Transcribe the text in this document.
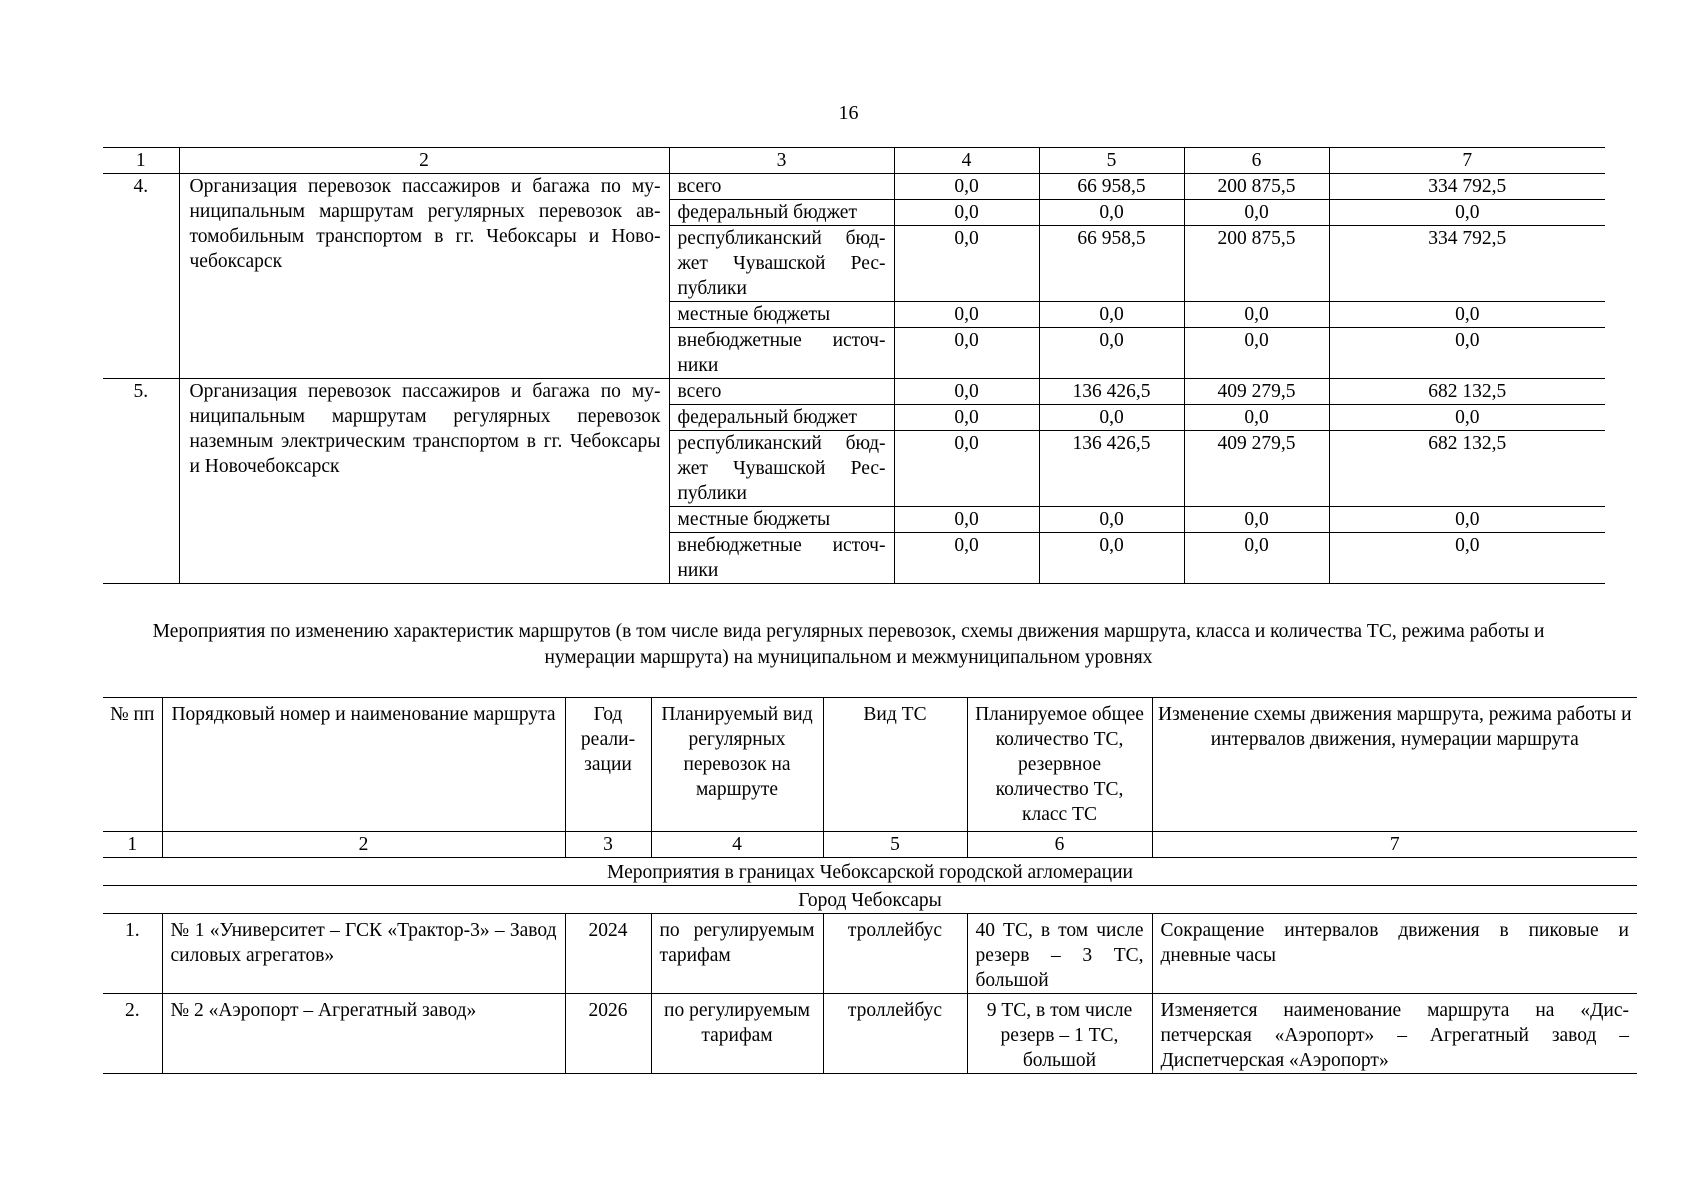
16
1	2	3	4	5	6	7
4.	Организация перевозок пассажиров и багажа по муниципальным маршрутам регулярных перевозок автомобильным транспортом в гг. Чебоксары и Новочебоксарск	всего	0,0	66 958,5	200 875,5	334 792,5
		федеральный бюджет	0,0	0,0	0,0	0,0
		республиканский бюджет Чувашской Республики	0,0	66 958,5	200 875,5	334 792,5
		местные бюджеты	0,0	0,0	0,0	0,0
		внебюджетные источники	0,0	0,0	0,0	0,0
5.	Организация перевозок пассажиров и багажа по муниципальным маршрутам регулярных перевозок наземным электрическим транспортом в гг. Чебоксары и Новочебоксарск	всего	0,0	136 426,5	409 279,5	682 132,5
		федеральный бюджет	0,0	0,0	0,0	0,0
		республиканский бюджет Чувашской Республики	0,0	136 426,5	409 279,5	682 132,5
		местные бюджеты	0,0	0,0	0,0	0,0
		внебюджетные источники	0,0	0,0	0,0	0,0
Мероприятия по изменению характеристик маршрутов (в том числе вида регулярных перевозок, схемы движения маршрута, класса и количества ТС, режима работы и нумерации маршрута) на муниципальном и межмуниципальном уровнях
№ пп	Порядковый номер и наименование маршрута	Год реализации	Планируемый вид регулярных перевозок на маршруте	Вид ТС	Планируемое общее количество ТС, резервное количество ТС, класс ТС	Изменение схемы движения маршрута, режима работы и интервалов движения, нумерации маршрута
1	2	3	4	5	6	7
Мероприятия в границах Чебоксарской городской агломерации						
Город Чебоксары						
1.	№ 1 «Университет – ГСК «Трактор-3» – Завод силовых агрегатов»	2024	по регулируемым тарифам	троллейбус	40 ТС, в том числе резерв – 3 ТС, большой	Сокращение интервалов движения в пиковые и дневные часы
2.	№ 2 «Аэропорт – Агрегатный завод»	2026	по регулируемым тарифам	троллейбус	9 ТС, в том числе резерв – 1 ТС, большой	Изменяется наименование маршрута на «Диспетчерская «Аэропорт» – Агрегатный завод – Диспетчерская «Аэропорт»
